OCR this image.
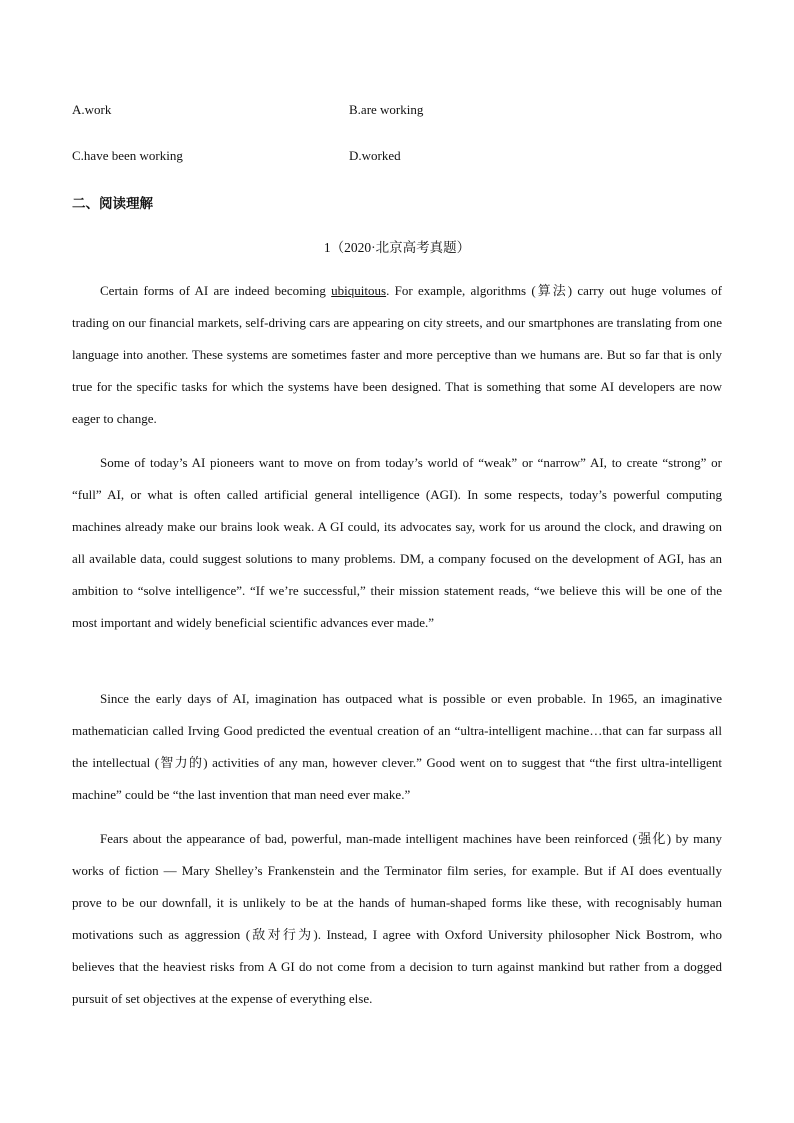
A.work	B.are working
C.have been working	D.worked
二、阅读理解
1（2020·北京高考真题）

Certain forms of AI are indeed becoming ubiquitous. For example, algorithms (算法) carry out huge volumes of trading on our financial markets, self-driving cars are appearing on city streets, and our smartphones are translating from one language into another. These systems are sometimes faster and more perceptive than we humans are. But so far that is only true for the specific tasks for which the systems have been designed. That is something that some AI developers are now eager to change.

Some of today’s AI pioneers want to move on from today’s world of “weak” or “narrow” AI, to create “strong” or “full” AI, or what is often called artificial general intelligence (AGI). In some respects, today’s powerful computing machines already make our brains look weak. A GI could, its advocates say, work for us around the clock, and drawing on all available data, could suggest solutions to many problems. DM, a company focused on the development of AGI, has an ambition to “solve intelligence”. “If we’re successful,” their mission statement reads, “we believe this will be one of the most important and widely beneficial scientific advances ever made.”

Since the early days of AI, imagination has outpaced what is possible or even probable. In 1965, an imaginative mathematician called Irving Good predicted the eventual creation of an “ultra-intelligent machine…that can far surpass all the intellectual (智力的) activities of any man, however clever.” Good went on to suggest that “the first ultra-intelligent machine” could be “the last invention that man need ever make.”

Fears about the appearance of bad, powerful, man-made intelligent machines have been reinforced (强化) by many works of fiction — Mary Shelley’s Frankenstein and the Terminator film series, for example. But if AI does eventually prove to be our downfall, it is unlikely to be at the hands of human-shaped forms like these, with recognisably human motivations such as aggression (敌对行为). Instead, I agree with Oxford University philosopher Nick Bostrom, who believes that the heaviest risks from A GI do not come from a decision to turn against mankind but rather from a dogged pursuit of set objectives at the expense of everything else.
